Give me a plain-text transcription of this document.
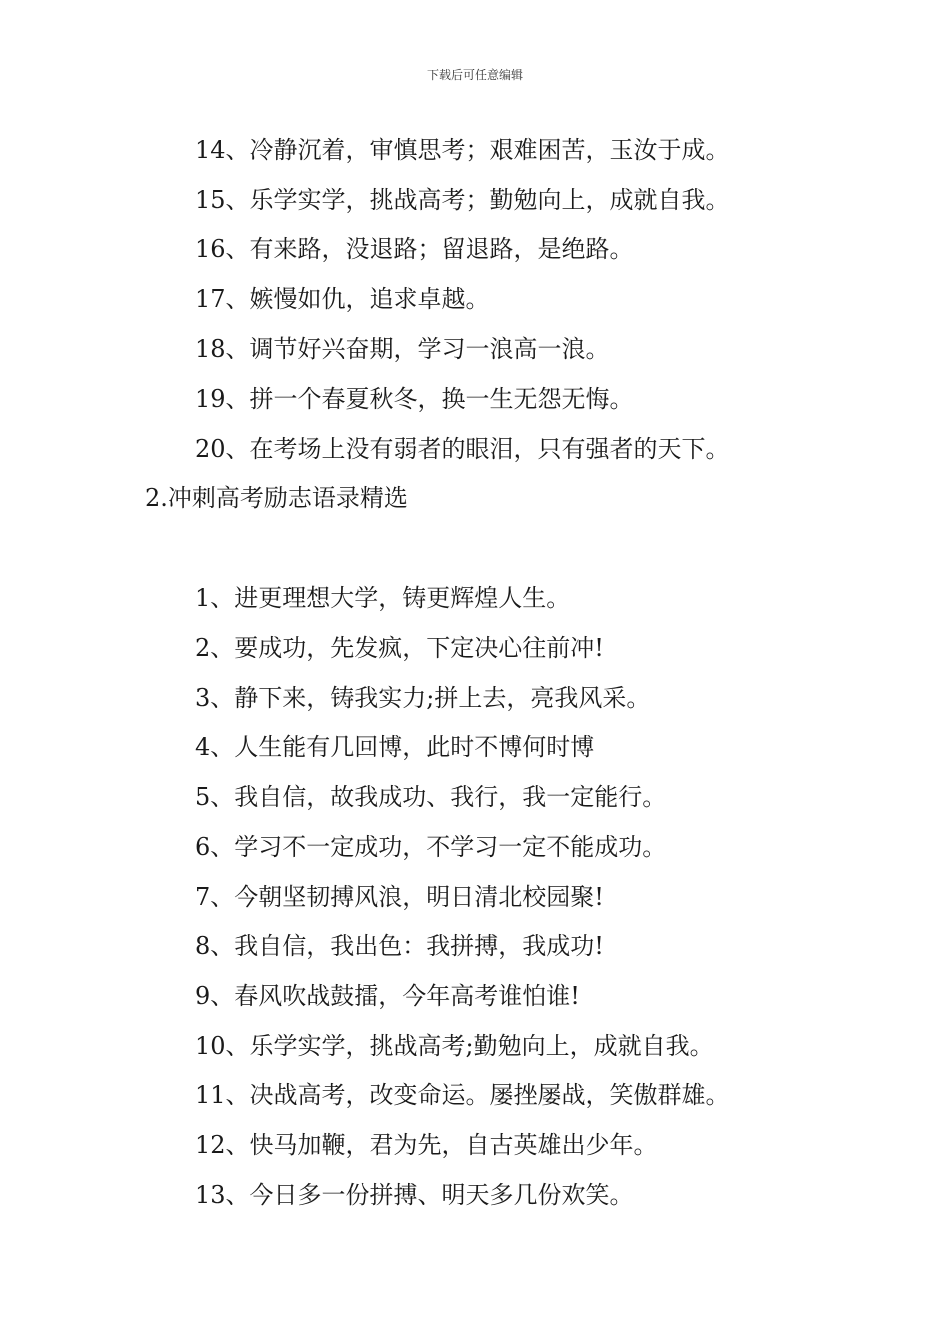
下载后可任意编辑
14、冷静沉着，审慎思考；艰难困苦，玉汝于成。
15、乐学实学，挑战高考；勤勉向上，成就自我。
16、有来路，没退路；留退路，是绝路。
17、嫉慢如仇，追求卓越。
18、调节好兴奋期，学习一浪高一浪。
19、拼一个春夏秋冬，换一生无怨无悔。
20、在考场上没有弱者的眼泪，只有强者的天下。
2.冲刺高考励志语录精选
1、进更理想大学，铸更辉煌人生。
2、要成功，先发疯，下定决心往前冲!
3、静下来，铸我实力;拼上去，亮我风采。
4、人生能有几回博，此时不博何时博
5、我自信，故我成功、我行，我一定能行。
6、学习不一定成功，不学习一定不能成功。
7、今朝坚韧搏风浪，明日清北校园聚!
8、我自信，我出色：我拼搏，我成功!
9、春风吹战鼓擂，今年高考谁怕谁!
10、乐学实学，挑战高考;勤勉向上，成就自我。
11、决战高考，改变命运。屡挫屡战，笑傲群雄。
12、快马加鞭，君为先，自古英雄出少年。
13、今日多一份拼搏、明天多几份欢笑。
